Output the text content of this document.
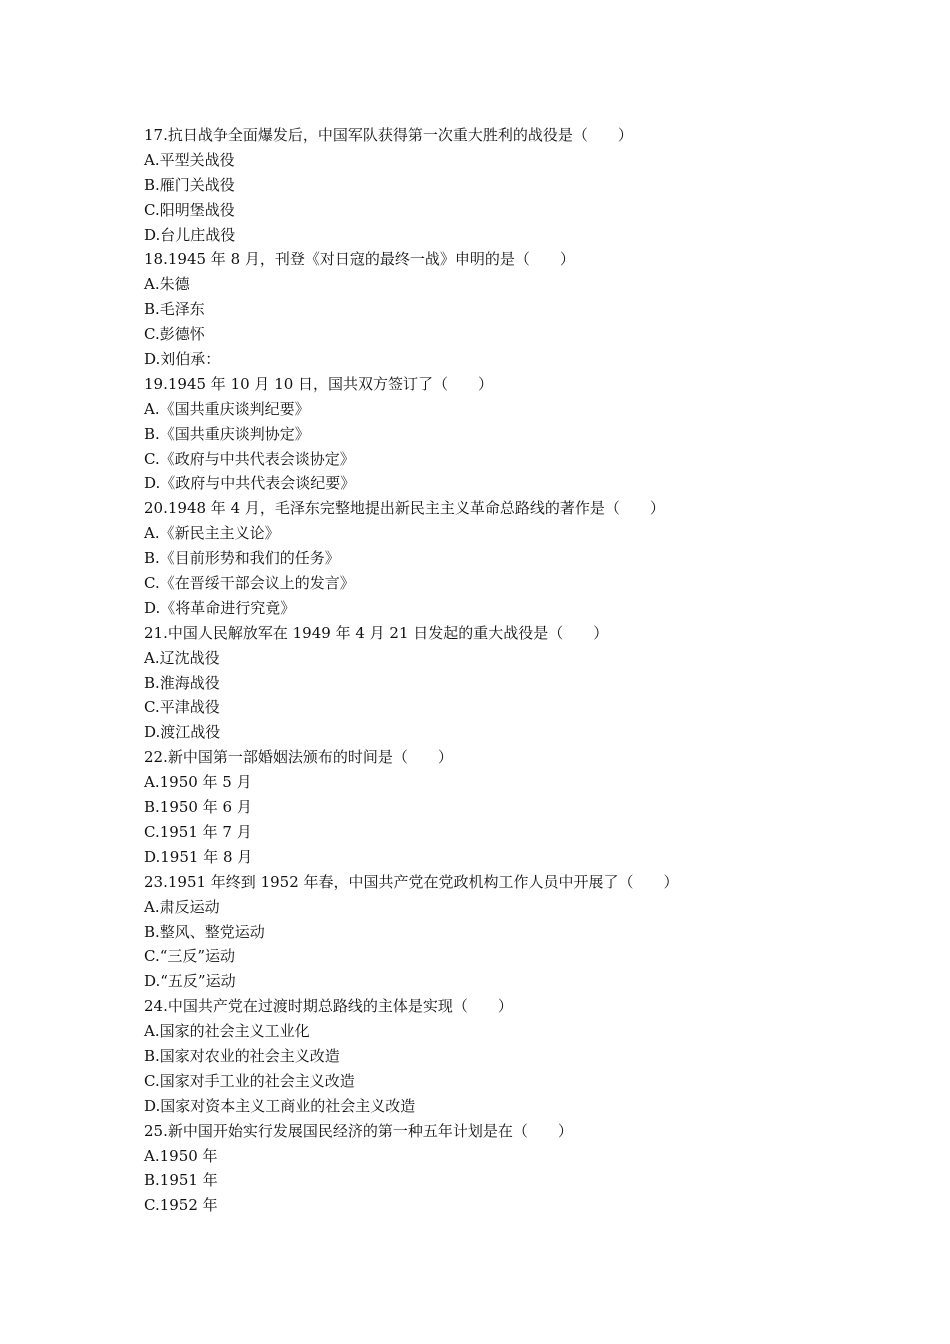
17.抗日战争全面爆发后，中国军队获得第一次重大胜利的战役是（　　）
A.平型关战役
B.雁门关战役
C.阳明堡战役
D.台儿庄战役
18.1945 年 8 月，刊登《对日寇的最终一战》申明的是（　　）
A.朱德
B.毛泽东
C.彭德怀
D.刘伯承：
19.1945 年 10 月 10 日，国共双方签订了（　　）
A.《国共重庆谈判纪要》
B.《国共重庆谈判协定》
C.《政府与中共代表会谈协定》
D.《政府与中共代表会谈纪要》
20.1948 年 4 月，毛泽东完整地提出新民主主义革命总路线的著作是（　　）
A.《新民主主义论》
B.《目前形势和我们的任务》
C.《在晋绥干部会议上的发言》
D.《将革命进行究竟》
21.中国人民解放军在 1949 年 4 月 21 日发起的重大战役是（　　）
A.辽沈战役
B.淮海战役
C.平津战役
D.渡江战役
22.新中国第一部婚姻法颁布的时间是（　　）
A.1950 年 5 月
B.1950 年 6 月
C.1951 年 7 月
D.1951 年 8 月
23.1951 年终到 1952 年春，中国共产党在党政机构工作人员中开展了（　　）
A.肃反运动
B.整风、整党运动
C.“三反”运动
D.“五反”运动
24.中国共产党在过渡时期总路线的主体是实现（　　）
A.国家的社会主义工业化
B.国家对农业的社会主义改造
C.国家对手工业的社会主义改造
D.国家对资本主义工商业的社会主义改造
25.新中国开始实行发展国民经济的第一种五年计划是在（　　）
A.1950 年
B.1951 年
C.1952 年
